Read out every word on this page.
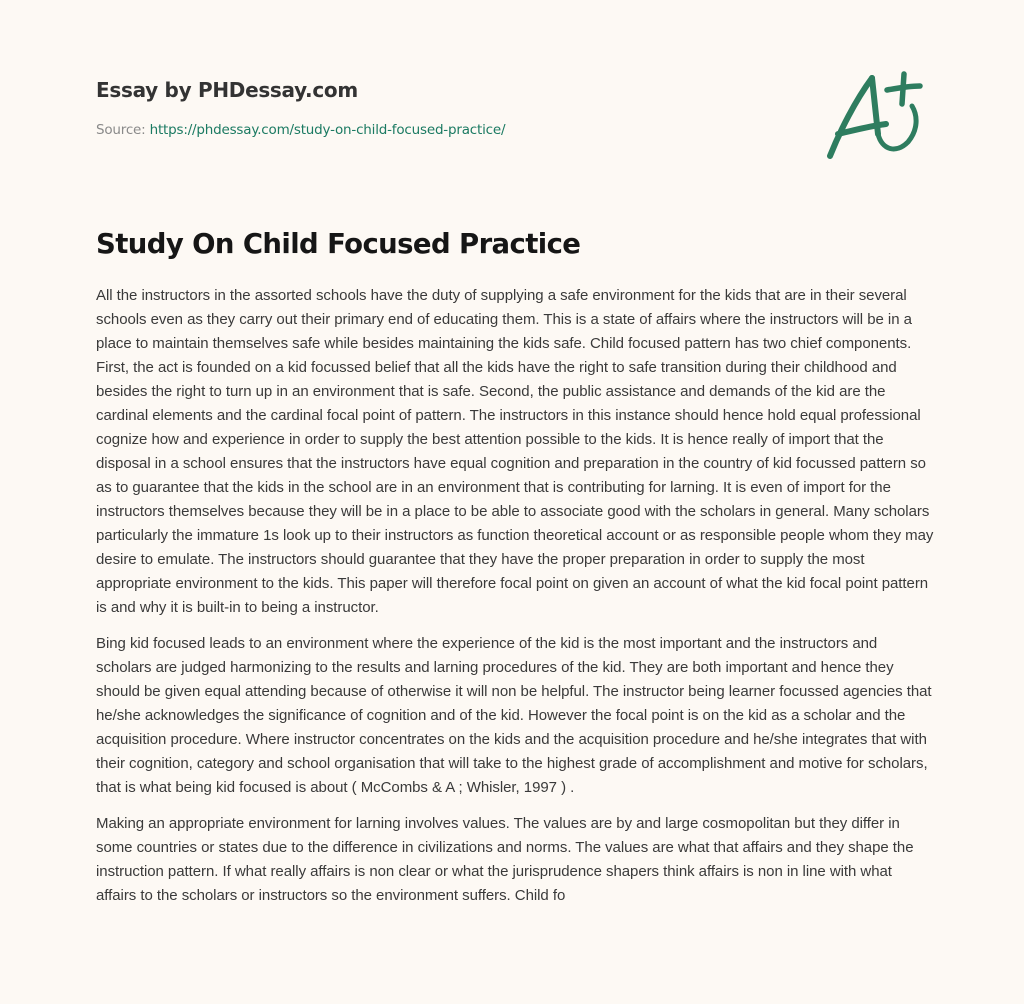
Essay by PHDessay.com
Source: https://phdessay.com/study-on-child-focused-practice/
Study On Child Focused Practice

All the instructors in the assorted schools have the duty of supplying a safe environment for the kids that are in their several schools even as they carry out their primary end of educating them. This is a state of affairs where the instructors will be in a place to maintain themselves safe while besides maintaining the kids safe. Child focused pattern has two chief components. First, the act is founded on a kid focussed belief that all the kids have the right to safe transition during their childhood and besides the right to turn up in an environment that is safe. Second, the public assistance and demands of the kid are the cardinal elements and the cardinal focal point of pattern. The instructors in this instance should hence hold equal professional cognize how and experience in order to supply the best attention possible to the kids. It is hence really of import that the disposal in a school ensures that the instructors have equal cognition and preparation in the country of kid focussed pattern so as to guarantee that the kids in the school are in an environment that is contributing for larning. It is even of import for the instructors themselves because they will be in a place to be able to associate good with the scholars in general. Many scholars particularly the immature 1s look up to their instructors as function theoretical account or as responsible people whom they may desire to emulate. The instructors should guarantee that they have the proper preparation in order to supply the most appropriate environment to the kids. This paper will therefore focal point on given an account of what the kid focal point pattern is and why it is built-in to being a instructor.

Bing kid focused leads to an environment where the experience of the kid is the most important and the instructors and scholars are judged harmonizing to the results and larning procedures of the kid. They are both important and hence they should be given equal attending because of otherwise it will non be helpful. The instructor being learner focussed agencies that he/she acknowledges the significance of cognition and of the kid. However the focal point is on the kid as a scholar and the acquisition procedure. Where instructor concentrates on the kids and the acquisition procedure and he/she integrates that with their cognition, category and school organisation that will take to the highest grade of accomplishment and motive for scholars, that is what being kid focused is about ( McCombs & A ; Whisler, 1997 ) .

Making an appropriate environment for larning involves values. The values are by and large cosmopolitan but they differ in some countries or states due to the difference in civilizations and norms. The values are what that affairs and they shape the instruction pattern. If what really affairs is non clear or what the jurisprudence shapers think affairs is non in line with what affairs to the scholars or instructors so the environment suffers. Child fo
